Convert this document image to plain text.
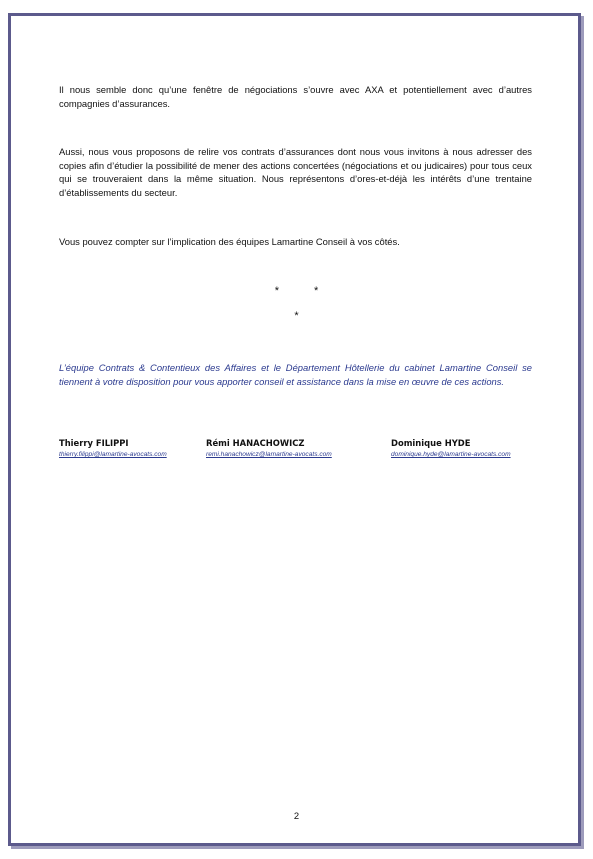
Il nous semble donc qu’une fenêtre de négociations s’ouvre avec AXA et potentiellement avec d’autres compagnies d’assurances.

Aussi, nous vous proposons de relire vos contrats d’assurances dont nous vous invitons à nous adresser des copies afin d’étudier la possibilité de mener des actions concertées (négociations et ou judicaires) pour tous ceux qui se trouveraient dans la même situation. Nous représentons d’ores-et-déjà les intérêts d’une trentaine d’établissements du secteur.

Vous pouvez compter sur l’implication des équipes Lamartine Conseil à vos côtés.

*	*
*

L’équipe Contrats & Contentieux des Affaires et le Département Hôtellerie du cabinet Lamartine Conseil se tiennent à votre disposition pour vous apporter conseil et assistance dans la mise en œuvre de ces actions.

Thierry FILIPPI
thierry.filippi@lamartine-avocats.com
Rémi HANACHOWICZ
remi.hanachowicz@lamartine-avocats.com
Dominique HYDE
dominique.hyde@lamartine-avocats.com
2
